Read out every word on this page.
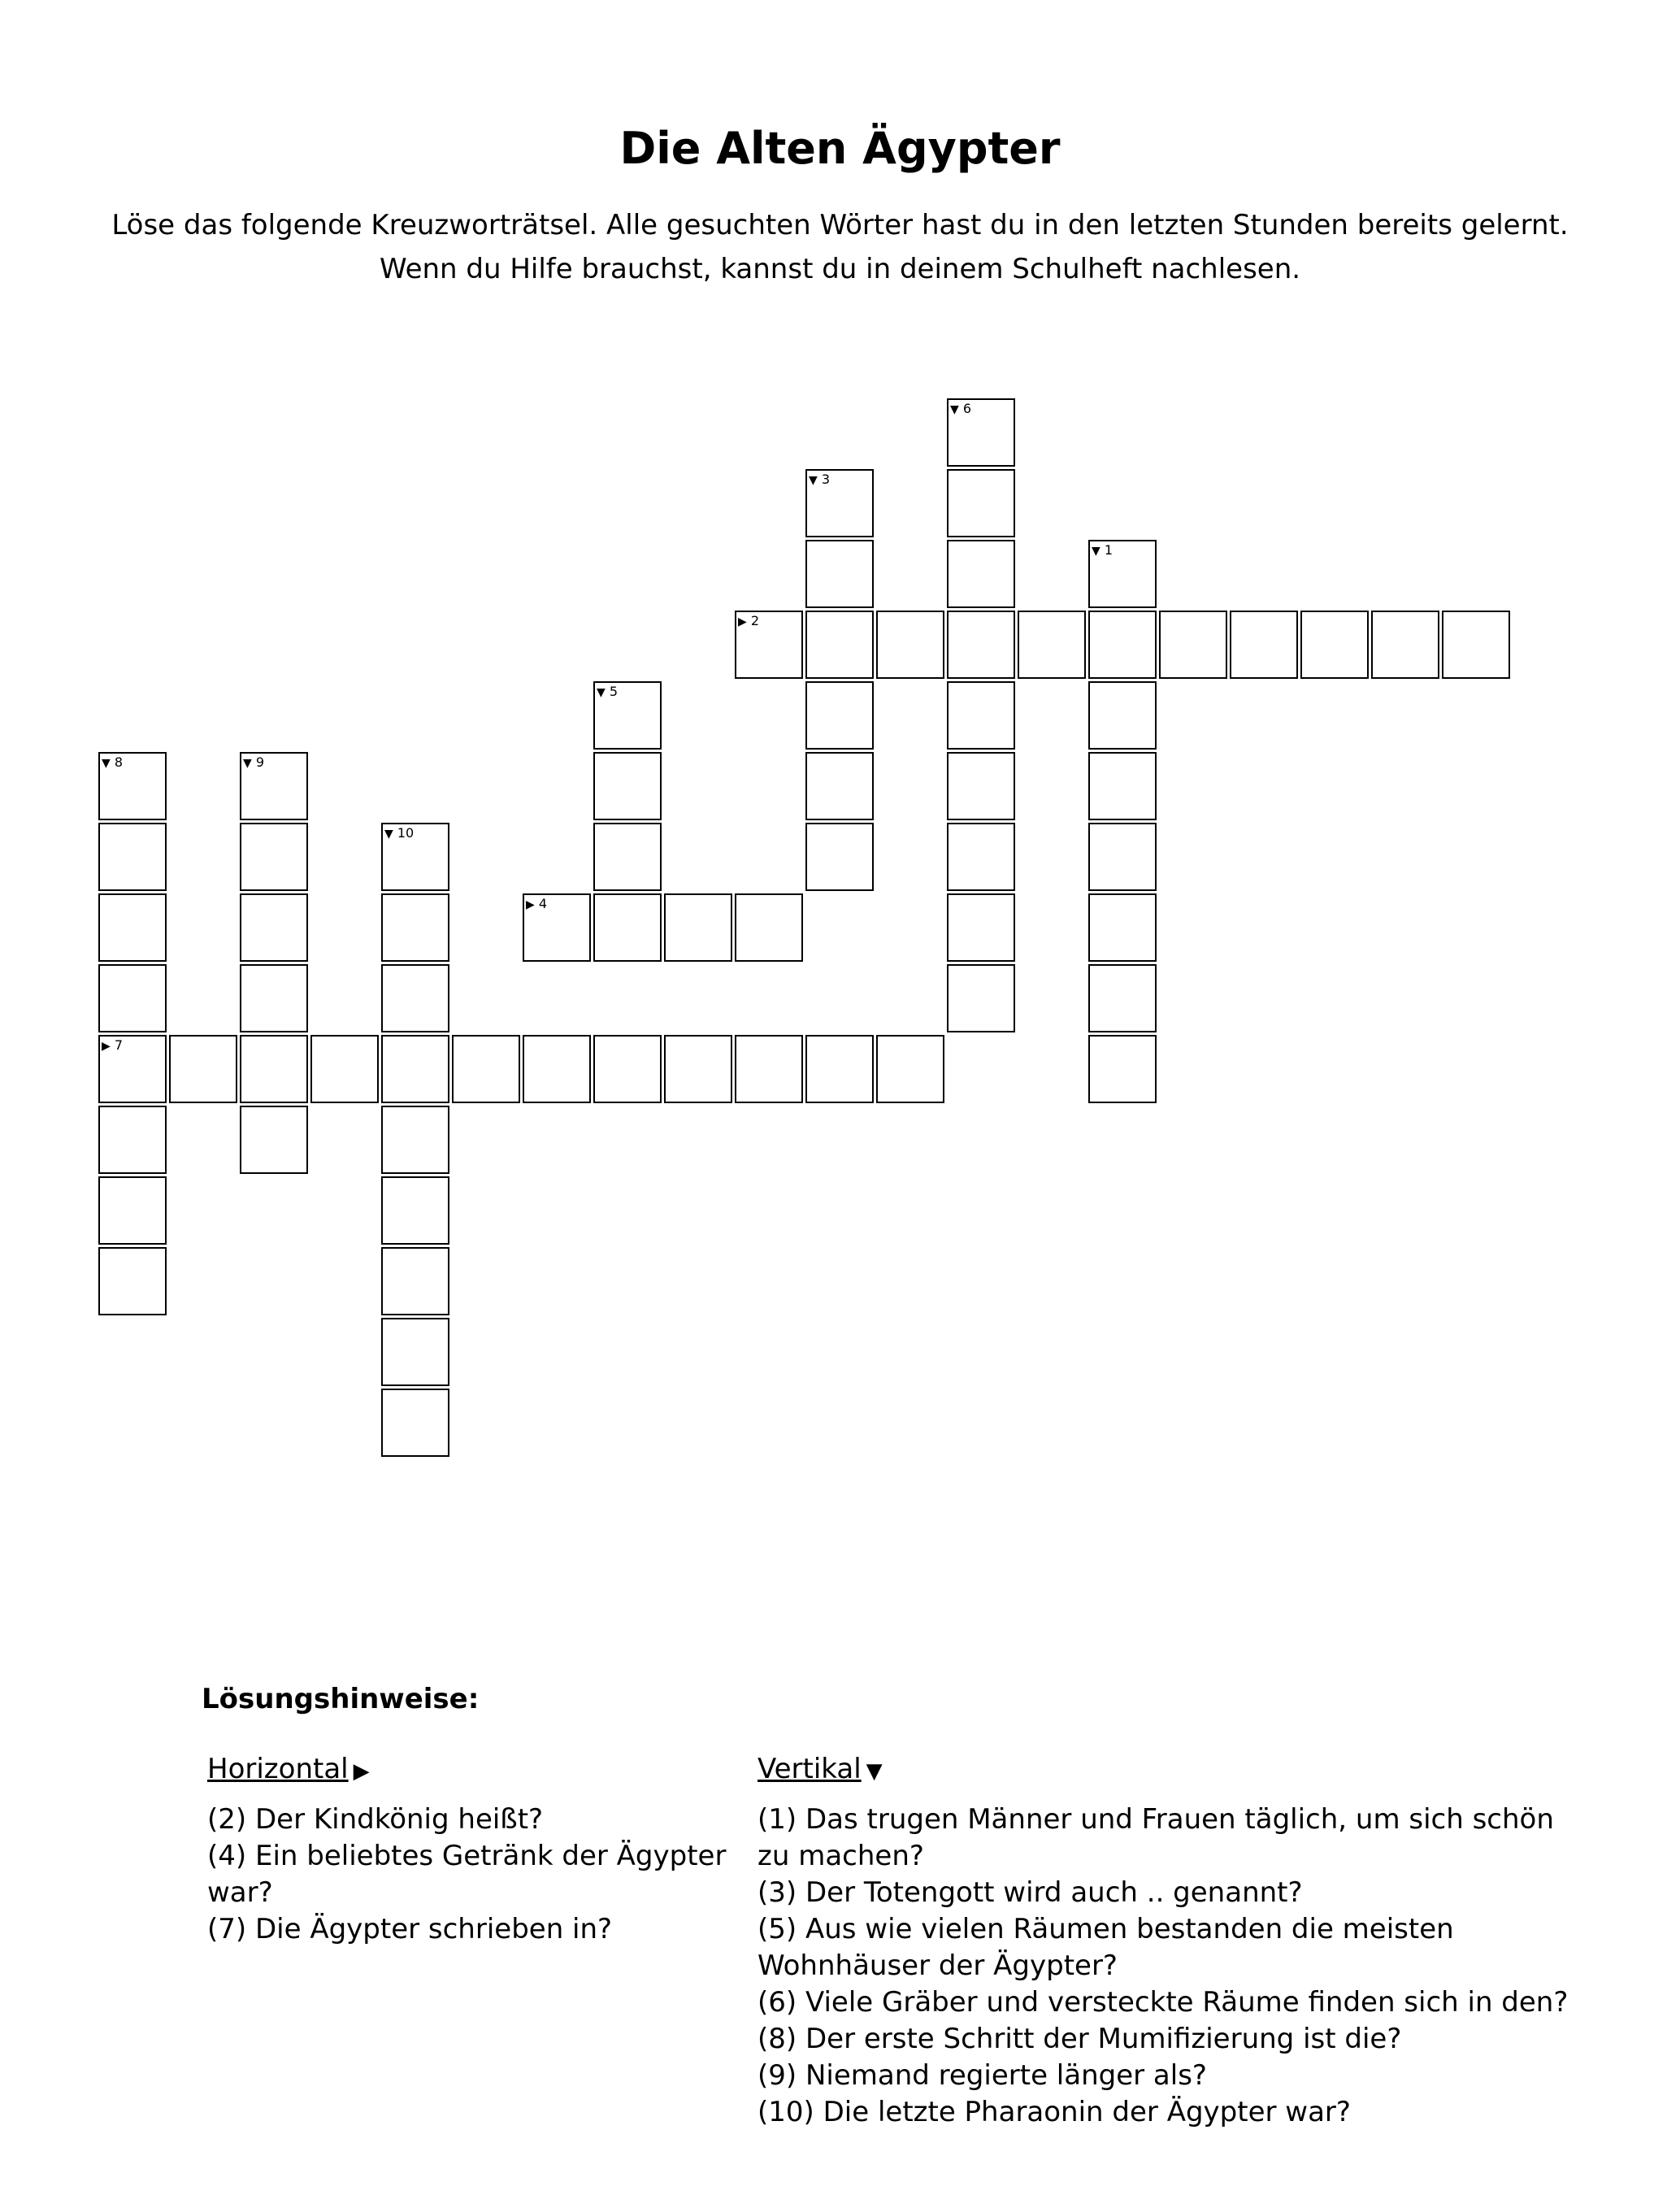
Die Alten Ägypter
Löse das folgende Kreuzworträtsel. Alle gesuchten Wörter hast du in den letzten Stunden bereits gelernt.
Wenn du Hilfe brauchst, kannst du in deinem Schulheft nachlesen.
▼ 1
▶ 2
▼ 3
▶ 4
▼ 5
▼ 6
▶ 7
▼ 8	▼ 9
▼ 10
Lösungshinweise:
Horizontal ▶

(2) Der Kindkönig heißt?

(4) Ein beliebtes Getränk der Ägypter war?

(7) Die Ägypter schrieben in?

Vertikal ▼

(1) Das trugen Männer und Frauen täglich, um sich schön zu machen?

(3) Der Totengott wird auch .. genannt?

(5) Aus wie vielen Räumen bestanden die meisten Wohnhäuser der Ägypter?

(6) Viele Gräber und versteckte Räume finden sich in den?

(8) Der erste Schritt der Mumifizierung ist die?

(9) Niemand regierte länger als?

(10) Die letzte Pharaonin der Ägypter war?
